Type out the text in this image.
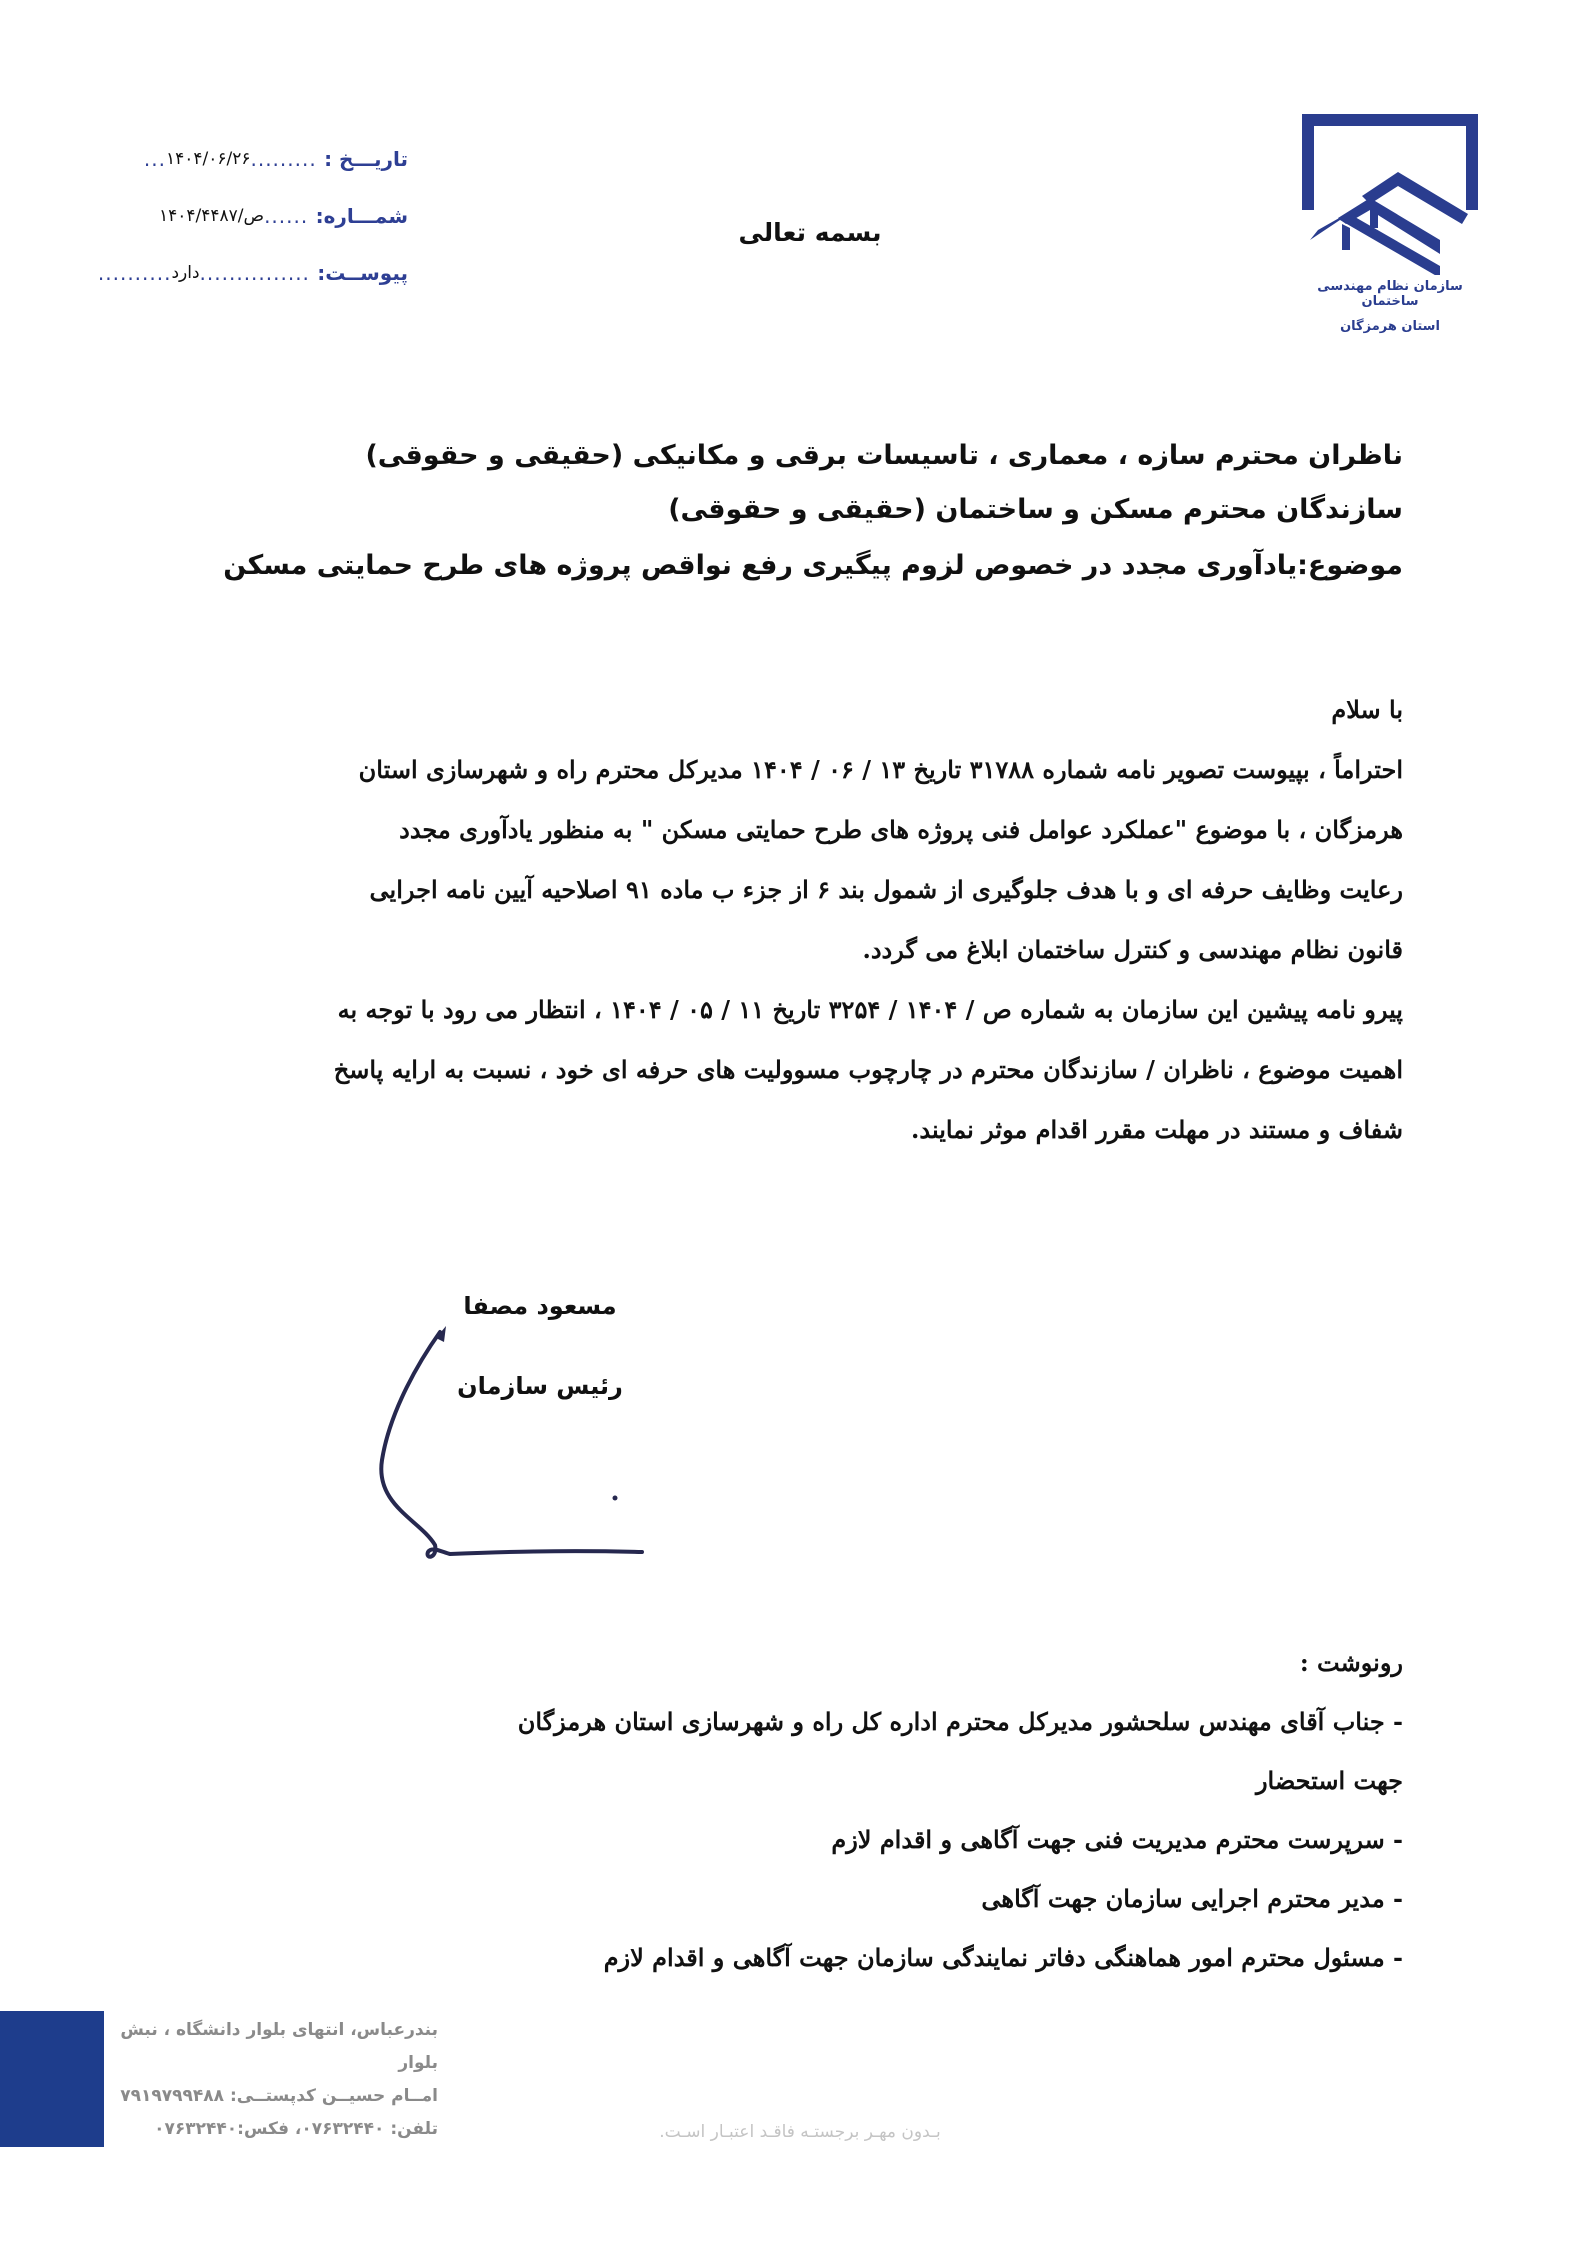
تاریـــخ :
.........
۱۴۰۴/۰۶/۲۶
...
شمـــاره:
......
ص/۱۴۰۴/۴۴۸۷
پیوســت:
...............
دارد
..........
بسمه تعالی
سازمان نظام مهندسی ساختمان
استان هرمزگان
ناظران محترم سازه ، معماری ، تاسیسات برقی و مکانیکی (حقیقی و حقوقی)
سازندگان محترم مسکن و ساختمان (حقیقی و حقوقی)
موضوع:یادآوری مجدد در خصوص لزوم پیگیری رفع نواقص پروژه های طرح حمایتی مسکن
با سلام
احتراماً ، بپیوست تصویر نامه شماره ۳۱۷۸۸ تاریخ ۱۳ / ۰۶ / ۱۴۰۴ مدیرکل محترم راه و شهرسازی استان
هرمزگان ، با موضوع "عملکرد عوامل فنی پروژه های طرح حمایتی مسکن " به منظور یادآوری مجدد
رعایت وظایف حرفه ای و با هدف جلوگیری از شمول بند ۶ از جزء ب ماده ۹۱ اصلاحیه آیین نامه اجرایی
قانون نظام مهندسی و کنترل ساختمان ابلاغ می گردد.
پیرو نامه پیشین این سازمان به شماره ص / ۱۴۰۴ / ۳۲۵۴ تاریخ ۱۱ / ۰۵ / ۱۴۰۴ ، انتظار می رود با توجه به
اهمیت موضوع ، ناظران / سازندگان محترم در چارچوب مسوولیت های حرفه ای خود ، نسبت به ارایه پاسخ
شفاف و مستند در مهلت مقرر اقدام موثر نمایند.
مسعود مصفا
رئیس سازمان
رونوشت :
- جناب آقای مهندس سلحشور مدیرکل محترم اداره کل راه و شهرسازی استان هرمزگان
جهت استحضار
- سرپرست محترم مدیریت فنی جهت آگاهی و اقدام لازم
- مدیر محترم اجرایی سازمان جهت آگاهی
- مسئول محترم امور هماهنگی دفاتر نمایندگی سازمان جهت آگاهی و اقدام لازم
بندرعباس، انتهای بلوار دانشگاه ، نبش بلوار
امــام حسیــن کدپستــی: ۷۹۱۹۷۹۹۴۸۸
تلفن: ۰۷۶۳۲۴۴۰، فکس:۰۷۶۳۲۴۴۰	بـدون مهـر برجستـه فاقـد اعتبـار اسـت.
